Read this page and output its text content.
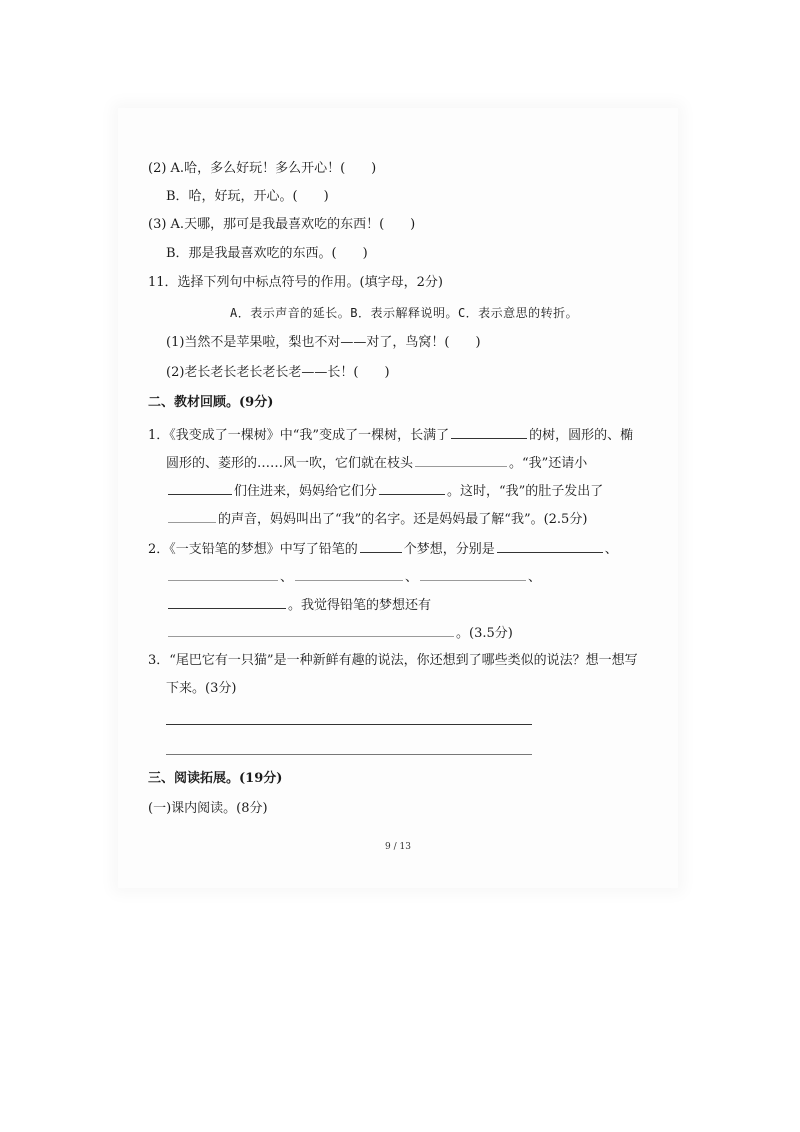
(2) A.哈，多么好玩！多么开心！(　　)
B．哈，好玩，开心。(　　)
(3) A.天哪，那可是我最喜欢吃的东西！(　　)
B．那是我最喜欢吃的东西。(　　)
11．选择下列句中标点符号的作用。(填字母，2分)
A．表示声音的延长。B．表示解释说明。C．表示意思的转折。
(1)当然不是苹果啦，梨也不对——对了，鸟窝！(　　)
(2)老长老长老长老长老——长！(　　)
二、教材回顾。(9分)
1．《我变成了一棵树》中“我”变成了一棵树，长满了	的树，圆形的、椭
圆形的、菱形的……风一吹，它们就在枝头	。“我”还请小
们住进来，妈妈给它们分	。这时，“我”的肚子发出了
的声音，妈妈叫出了“我”的名字。还是妈妈最了解“我”。(2.5分)
2．《一支铅笔的梦想》中写了铅笔的	个梦想，分别是	、
、	、	、
。我觉得铅笔的梦想还有
。(3.5分)
3．“尾巴它有一只猫”是一种新鲜有趣的说法，你还想到了哪些类似的说法？想一想写
下来。(3分)
三、阅读拓展。(19分)
(一)课内阅读。(8分)
9 / 13
